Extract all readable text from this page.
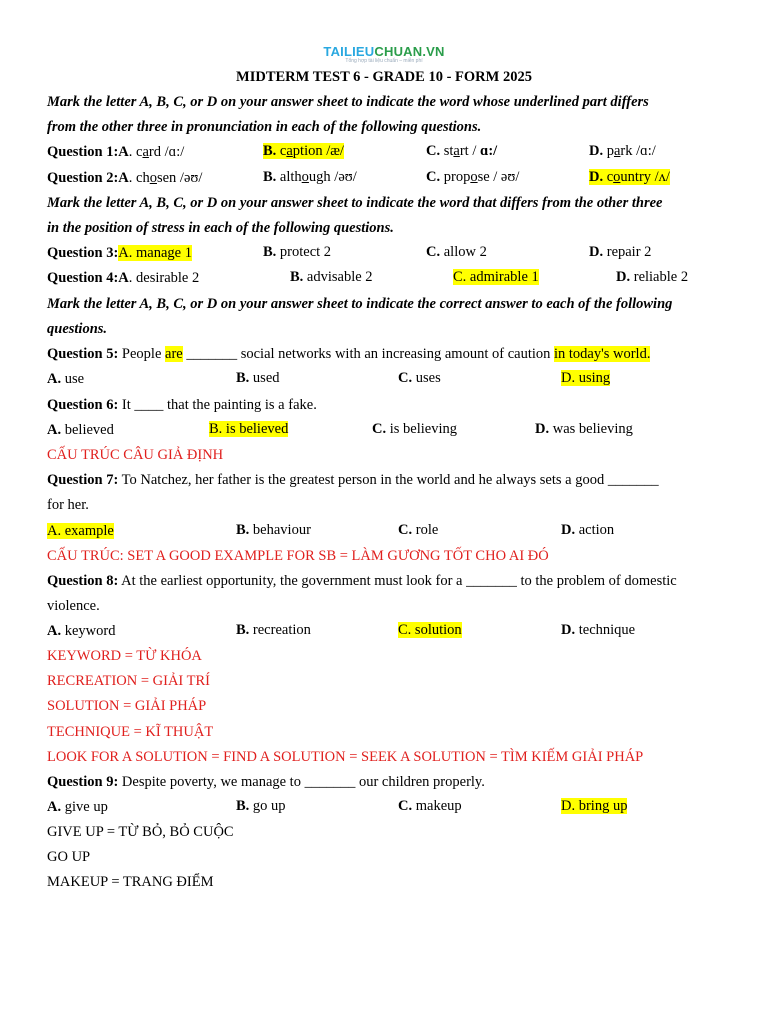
TAILIEUCHUAN.VN
Tổng hợp tài liệu chuẩn – miễn phí
MIDTERM TEST 6 - GRADE 10 - FORM 2025
Mark the letter A, B, C, or D on your answer sheet to indicate the word whose underlined part differs
from the other three in pronunciation in each of the following questions.
Question 1:A. card /ɑ:/	B. caption /æ/	C. start / ɑ:/	D. park /ɑ:/
Question 2:A. chosen /əʊ/	B. although /əʊ/	C. propose / əʊ/	D. country /ʌ/
Mark the letter A, B, C, or D on your answer sheet to indicate the word that differs from the other three
in the position of stress in each of the following questions.
Question 3:A. manage 1	B. protect 2	C. allow 2	D. repair 2
Question 4:A. desirable 2	B. advisable 2	C. admirable 1	D. reliable 2
Mark the letter A, B, C, or D on your answer sheet to indicate the correct answer to each of the following
questions.
Question 5: People are _______ social networks with an increasing amount of caution in today's world.
A. use	B. used	C. uses	D. using
Question 6: It ____ that the painting is a fake.
A. believed	B. is believed	C. is believing	D. was believing
CẤU TRÚC CÂU GIẢ ĐỊNH
Question 7: To Natchez, her father is the greatest person in the world and he always sets a good _______
for her.
A. example	B. behaviour	C. role	D. action
CẤU TRÚC: SET A GOOD EXAMPLE FOR SB = LÀM GƯƠNG TỐT CHO AI ĐÓ
Question 8: At the earliest opportunity, the government must look for a _______ to the problem of domestic
violence.
A. keyword	B. recreation	C. solution	D. technique
KEYWORD = TỪ KHÓA
RECREATION = GIẢI TRÍ
SOLUTION = GIẢI PHÁP
TECHNIQUE = KĨ THUẬT
LOOK FOR A SOLUTION = FIND A SOLUTION = SEEK A SOLUTION = TÌM KIẾM GIẢI PHÁP
Question 9: Despite poverty, we manage to _______ our children properly.
A. give up	B. go up	C. makeup	D. bring up
GIVE UP = TỪ BỎ, BỎ CUỘC
GO UP
MAKEUP = TRANG ĐIỂM
